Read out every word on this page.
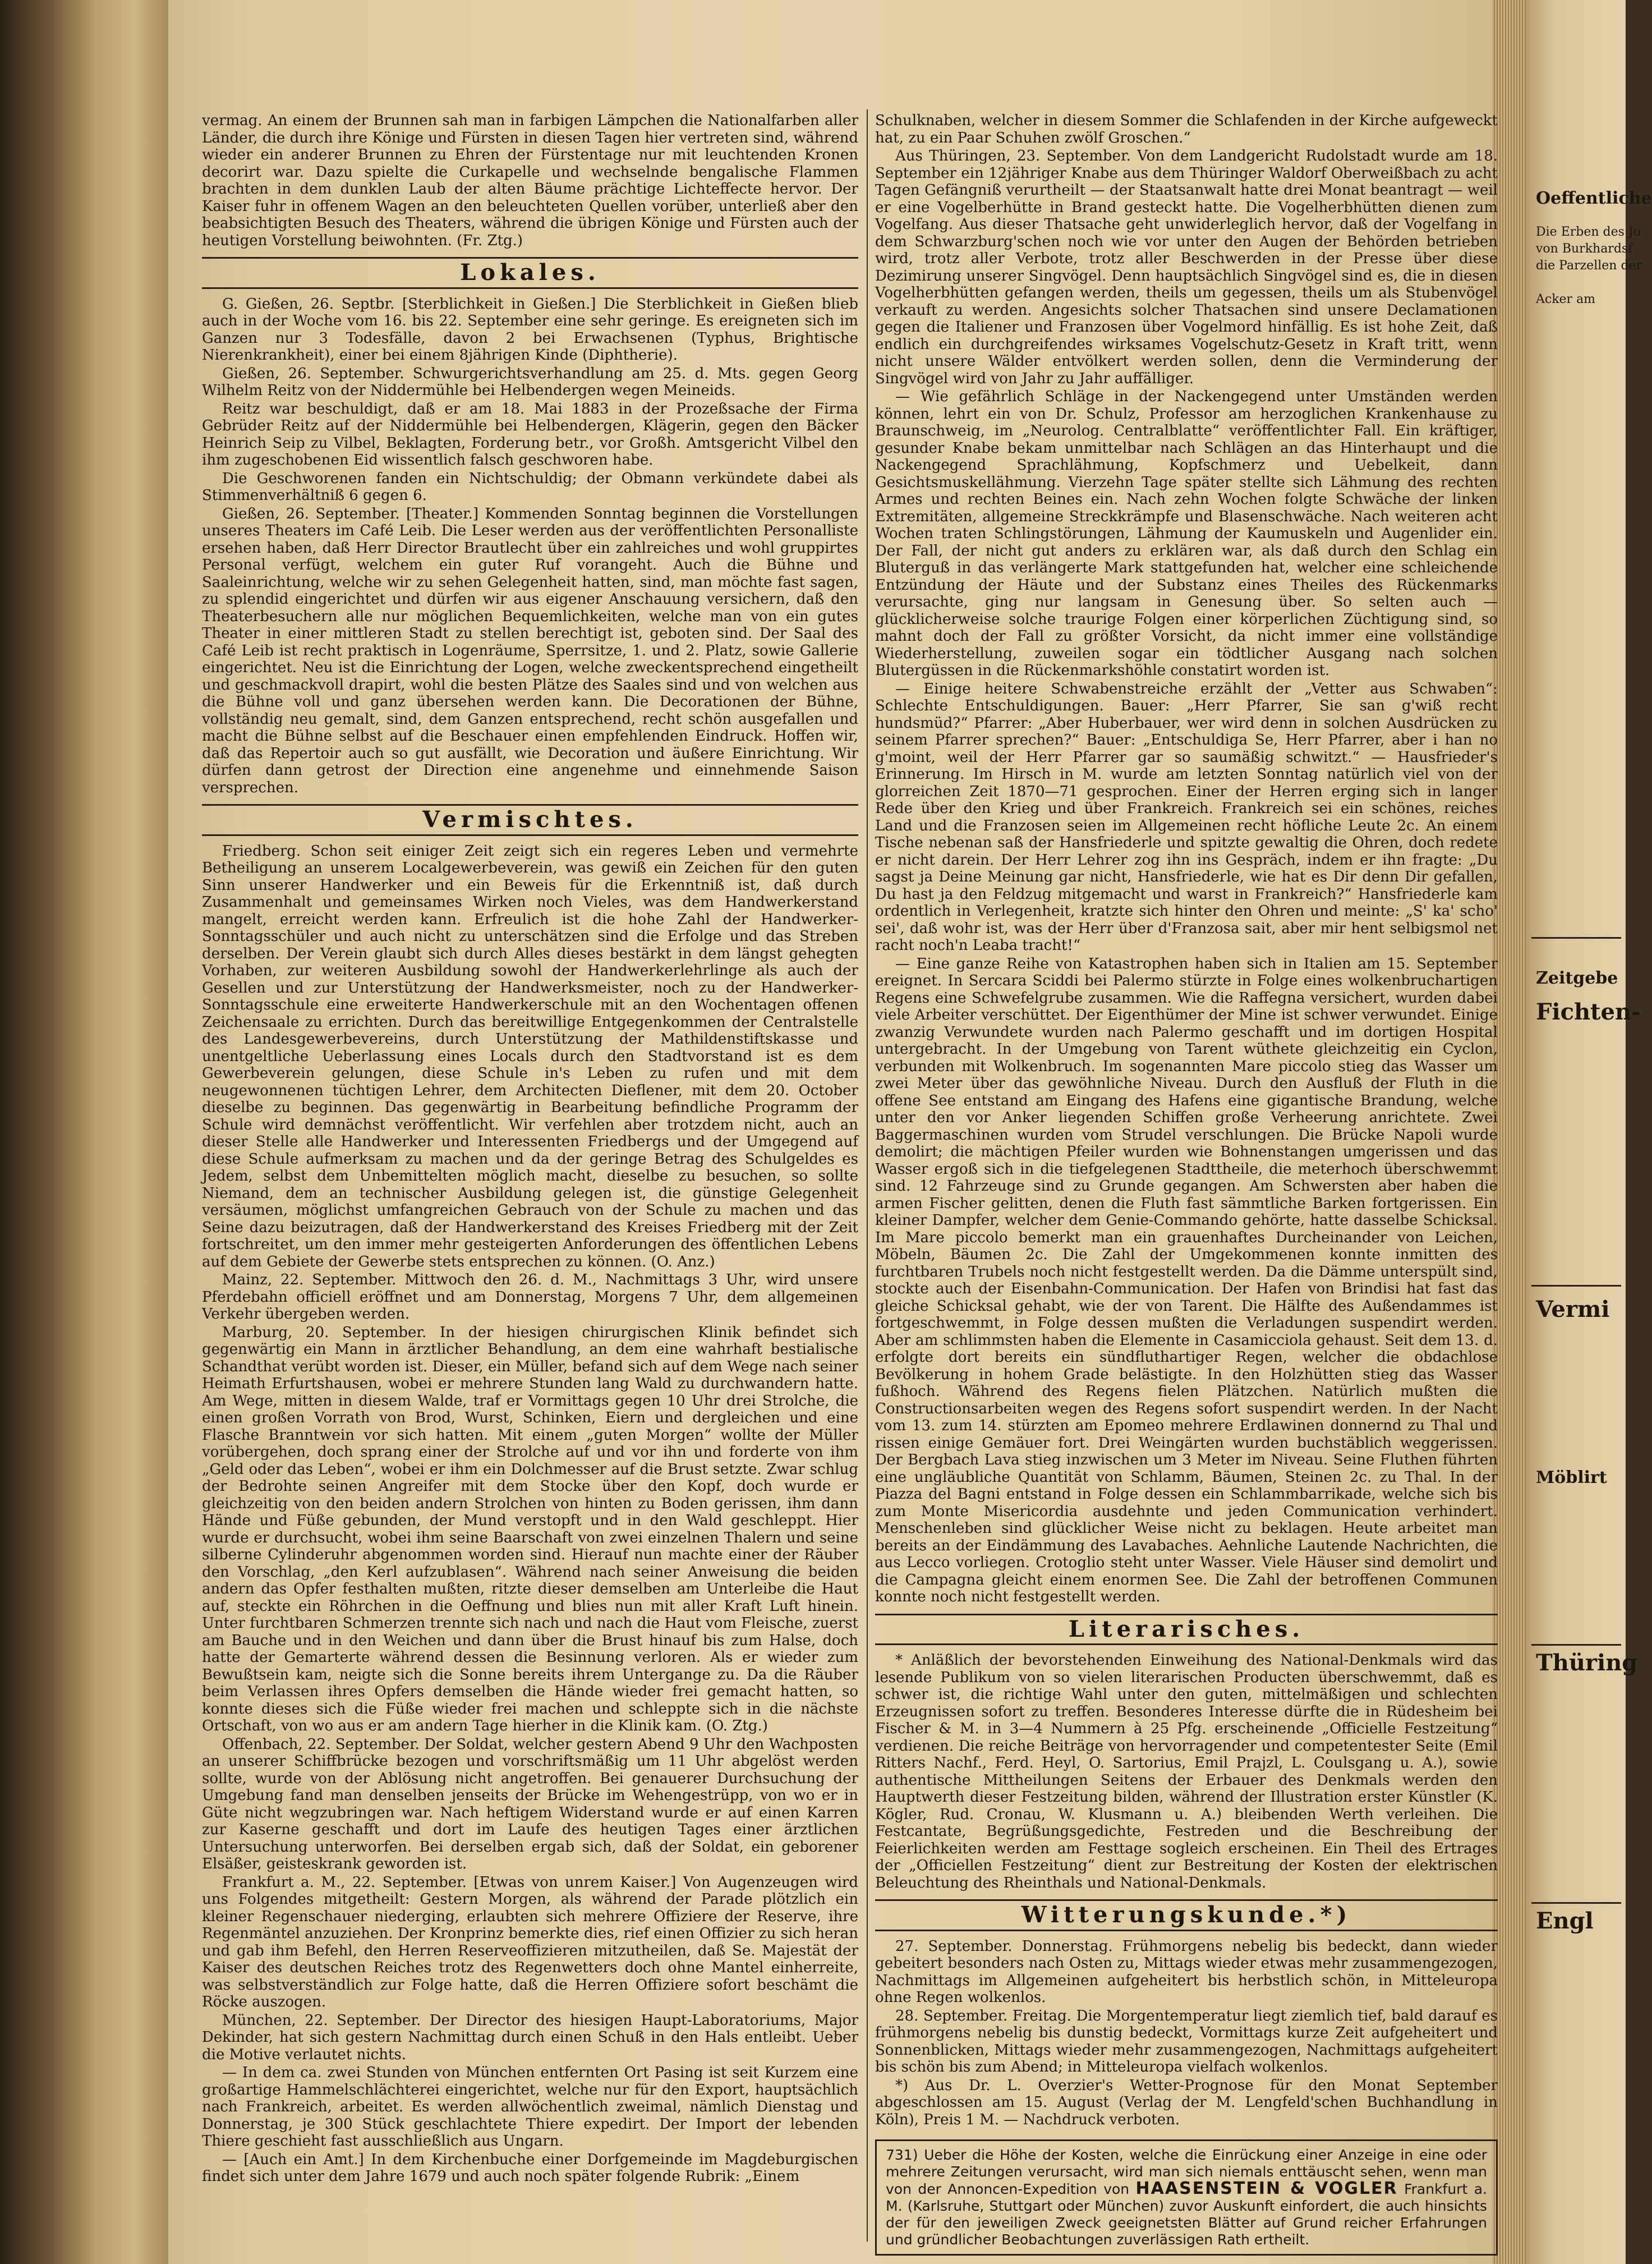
vermag. An einem der Brunnen sah man in farbigen Lämpchen die Nationalfarben aller Länder, die durch ihre Könige und Fürsten in diesen Tagen hier vertreten sind, während wieder ein anderer Brunnen zu Ehren der Fürstentage nur mit leuchtenden Kronen decorirt war. Dazu spielte die Curkapelle und wechselnde bengalische Flammen brachten in dem dunklen Laub der alten Bäume prächtige Lichteffecte hervor. Der Kaiser fuhr in offenem Wagen an den beleuchteten Quellen vorüber, unterließ aber den beabsichtigten Besuch des Theaters, während die übrigen Könige und Fürsten auch der heutigen Vorstellung beiwohnten. (Fr. Ztg.)

Lokales.

G. Gießen, 26. Septbr. [Sterblichkeit in Gießen.] Die Sterblichkeit in Gießen blieb auch in der Woche vom 16. bis 22. September eine sehr geringe. Es ereigneten sich im Ganzen nur 3 Todesfälle, davon 2 bei Erwachsenen (Typhus, Brightische Nierenkrankheit), einer bei einem 8jährigen Kinde (Diphtherie).

Gießen, 26. September. Schwurgerichtsverhandlung am 25. d. Mts. gegen Georg Wilhelm Reitz von der Niddermühle bei Helbendergen wegen Meineids.

Reitz war beschuldigt, daß er am 18. Mai 1883 in der Prozeßsache der Firma Gebrüder Reitz auf der Niddermühle bei Helbendergen, Klägerin, gegen den Bäcker Heinrich Seip zu Vilbel, Beklagten, Forderung betr., vor Großh. Amtsgericht Vilbel den ihm zugeschobenen Eid wissentlich falsch geschworen habe.

Die Geschworenen fanden ein Nichtschuldig; der Obmann verkündete dabei als Stimmenverhältniß 6 gegen 6.

Gießen, 26. September. [Theater.] Kommenden Sonntag beginnen die Vorstellungen unseres Theaters im Café Leib. Die Leser werden aus der veröffentlichten Personalliste ersehen haben, daß Herr Director Brautlecht über ein zahlreiches und wohl gruppirtes Personal verfügt, welchem ein guter Ruf vorangeht. Auch die Bühne und Saaleinrichtung, welche wir zu sehen Gelegenheit hatten, sind, man möchte fast sagen, zu splendid eingerichtet und dürfen wir aus eigener Anschauung versichern, daß den Theaterbesuchern alle nur möglichen Bequemlichkeiten, welche man von ein gutes Theater in einer mittleren Stadt zu stellen berechtigt ist, geboten sind. Der Saal des Café Leib ist recht praktisch in Logenräume, Sperrsitze, 1. und 2. Platz, sowie Gallerie eingerichtet. Neu ist die Einrichtung der Logen, welche zweckentsprechend eingetheilt und geschmackvoll drapirt, wohl die besten Plätze des Saales sind und von welchen aus die Bühne voll und ganz übersehen werden kann. Die Decorationen der Bühne, vollständig neu gemalt, sind, dem Ganzen entsprechend, recht schön ausgefallen und macht die Bühne selbst auf die Beschauer einen empfehlenden Eindruck. Hoffen wir, daß das Repertoir auch so gut ausfällt, wie Decoration und äußere Einrichtung. Wir dürfen dann getrost der Direction eine angenehme und einnehmende Saison versprechen.

Vermischtes.

Friedberg. Schon seit einiger Zeit zeigt sich ein regeres Leben und vermehrte Betheiligung an unserem Localgewerbeverein, was gewiß ein Zeichen für den guten Sinn unserer Handwerker und ein Beweis für die Erkenntniß ist, daß durch Zusammenhalt und gemeinsames Wirken noch Vieles, was dem Handwerkerstand mangelt, erreicht werden kann. Erfreulich ist die hohe Zahl der Handwerker-Sonntagsschüler und auch nicht zu unterschätzen sind die Erfolge und das Streben derselben. Der Verein glaubt sich durch Alles dieses bestärkt in dem längst gehegten Vorhaben, zur weiteren Ausbildung sowohl der Handwerkerlehrlinge als auch der Gesellen und zur Unterstützung der Handwerksmeister, noch zu der Handwerker-Sonntagsschule eine erweiterte Handwerkerschule mit an den Wochentagen offenen Zeichensaale zu errichten. Durch das bereitwillige Entgegenkommen der Centralstelle des Landesgewerbevereins, durch Unterstützung der Mathildenstiftskasse und unentgeltliche Ueberlassung eines Locals durch den Stadtvorstand ist es dem Gewerbeverein gelungen, diese Schule in's Leben zu rufen und mit dem neugewonnenen tüchtigen Lehrer, dem Architecten Dieflener, mit dem 20. October dieselbe zu beginnen. Das gegenwärtig in Bearbeitung befindliche Programm der Schule wird demnächst veröffentlicht. Wir verfehlen aber trotzdem nicht, auch an dieser Stelle alle Handwerker und Interessenten Friedbergs und der Umgegend auf diese Schule aufmerksam zu machen und da der geringe Betrag des Schulgeldes es Jedem, selbst dem Unbemittelten möglich macht, dieselbe zu besuchen, so sollte Niemand, dem an technischer Ausbildung gelegen ist, die günstige Gelegenheit versäumen, möglichst umfangreichen Gebrauch von der Schule zu machen und das Seine dazu beizutragen, daß der Handwerkerstand des Kreises Friedberg mit der Zeit fortschreitet, um den immer mehr gesteigerten Anforderungen des öffentlichen Lebens auf dem Gebiete der Gewerbe stets entsprechen zu können. (O. Anz.)

Mainz, 22. September. Mittwoch den 26. d. M., Nachmittags 3 Uhr, wird unsere Pferdebahn officiell eröffnet und am Donnerstag, Morgens 7 Uhr, dem allgemeinen Verkehr übergeben werden.

Marburg, 20. September. In der hiesigen chirurgischen Klinik befindet sich gegenwärtig ein Mann in ärztlicher Behandlung, an dem eine wahrhaft bestialische Schandthat verübt worden ist. Dieser, ein Müller, befand sich auf dem Wege nach seiner Heimath Erfurtshausen, wobei er mehrere Stunden lang Wald zu durchwandern hatte. Am Wege, mitten in diesem Walde, traf er Vormittags gegen 10 Uhr drei Strolche, die einen großen Vorrath von Brod, Wurst, Schinken, Eiern und dergleichen und eine Flasche Branntwein vor sich hatten. Mit einem „guten Morgen“ wollte der Müller vorübergehen, doch sprang einer der Strolche auf und vor ihn und forderte von ihm „Geld oder das Leben“, wobei er ihm ein Dolchmesser auf die Brust setzte. Zwar schlug der Bedrohte seinen Angreifer mit dem Stocke über den Kopf, doch wurde er gleichzeitig von den beiden andern Strolchen von hinten zu Boden gerissen, ihm dann Hände und Füße gebunden, der Mund verstopft und in den Wald geschleppt. Hier wurde er durchsucht, wobei ihm seine Baarschaft von zwei einzelnen Thalern und seine silberne Cylinderuhr abgenommen worden sind. Hierauf nun machte einer der Räuber den Vorschlag, „den Kerl aufzublasen“. Während nach seiner Anweisung die beiden andern das Opfer festhalten mußten, ritzte dieser demselben am Unterleibe die Haut auf, steckte ein Röhrchen in die Oeffnung und blies nun mit aller Kraft Luft hinein. Unter furchtbaren Schmerzen trennte sich nach und nach die Haut vom Fleische, zuerst am Bauche und in den Weichen und dann über die Brust hinauf bis zum Halse, doch hatte der Gemarterte während dessen die Besinnung verloren. Als er wieder zum Bewußtsein kam, neigte sich die Sonne bereits ihrem Untergange zu. Da die Räuber beim Verlassen ihres Opfers demselben die Hände wieder frei gemacht hatten, so konnte dieses sich die Füße wieder frei machen und schleppte sich in die nächste Ortschaft, von wo aus er am andern Tage hierher in die Klinik kam. (O. Ztg.)

Offenbach, 22. September. Der Soldat, welcher gestern Abend 9 Uhr den Wachposten an unserer Schiffbrücke bezogen und vorschriftsmäßig um 11 Uhr abgelöst werden sollte, wurde von der Ablösung nicht angetroffen. Bei genauerer Durchsuchung der Umgebung fand man denselben jenseits der Brücke im Wehengestrüpp, von wo er in Güte nicht wegzubringen war. Nach heftigem Widerstand wurde er auf einen Karren zur Kaserne geschafft und dort im Laufe des heutigen Tages einer ärztlichen Untersuchung unterworfen. Bei derselben ergab sich, daß der Soldat, ein geborener Elsäßer, geisteskrank geworden ist.

Frankfurt a. M., 22. September. [Etwas von unrem Kaiser.] Von Augenzeugen wird uns Folgendes mitgetheilt: Gestern Morgen, als während der Parade plötzlich ein kleiner Regenschauer niederging, erlaubten sich mehrere Offiziere der Reserve, ihre Regenmäntel anzuziehen. Der Kronprinz bemerkte dies, rief einen Offizier zu sich heran und gab ihm Befehl, den Herren Reserveoffizieren mitzutheilen, daß Se. Majestät der Kaiser des deutschen Reiches trotz des Regenwetters doch ohne Mantel einherreite, was selbstverständlich zur Folge hatte, daß die Herren Offiziere sofort beschämt die Röcke auszogen.

München, 22. September. Der Director des hiesigen Haupt-Laboratoriums, Major Dekinder, hat sich gestern Nachmittag durch einen Schuß in den Hals entleibt. Ueber die Motive verlautet nichts.

— In dem ca. zwei Stunden von München entfernten Ort Pasing ist seit Kurzem eine großartige Hammelschlächterei eingerichtet, welche nur für den Export, hauptsächlich nach Frankreich, arbeitet. Es werden allwöchentlich zweimal, nämlich Dienstag und Donnerstag, je 300 Stück geschlachtete Thiere expedirt. Der Import der lebenden Thiere geschieht fast ausschließlich aus Ungarn.

— [Auch ein Amt.] In dem Kirchenbuche einer Dorfgemeinde im Magdeburgischen findet sich unter dem Jahre 1679 und auch noch später folgende Rubrik: „Einem

Schulknaben, welcher in diesem Sommer die Schlafenden in der Kirche aufgeweckt hat, zu ein Paar Schuhen zwölf Groschen.“

Aus Thüringen, 23. September. Von dem Landgericht Rudolstadt wurde am 18. September ein 12jähriger Knabe aus dem Thüringer Waldorf Oberweißbach zu acht Tagen Gefängniß verurtheilt — der Staatsanwalt hatte drei Monat beantragt — weil er eine Vogelberhütte in Brand gesteckt hatte. Die Vogelherbhütten dienen zum Vogelfang. Aus dieser Thatsache geht unwiderleglich hervor, daß der Vogelfang in dem Schwarzburg'schen noch wie vor unter den Augen der Behörden betrieben wird, trotz aller Verbote, trotz aller Beschwerden in der Presse über diese Dezimirung unserer Singvögel. Denn hauptsächlich Singvögel sind es, die in diesen Vogelherbhütten gefangen werden, theils um gegessen, theils um als Stubenvögel verkauft zu werden. Angesichts solcher Thatsachen sind unsere Declamationen gegen die Italiener und Franzosen über Vogelmord hinfällig. Es ist hohe Zeit, daß endlich ein durchgreifendes wirksames Vogelschutz-Gesetz in Kraft tritt, wenn nicht unsere Wälder entvölkert werden sollen, denn die Verminderung der Singvögel wird von Jahr zu Jahr auffälliger.

— Wie gefährlich Schläge in der Nackengegend unter Umständen werden können, lehrt ein von Dr. Schulz, Professor am herzoglichen Krankenhause zu Braunschweig, im „Neurolog. Centralblatte“ veröffentlichter Fall. Ein kräftiger, gesunder Knabe bekam unmittelbar nach Schlägen an das Hinterhaupt und die Nackengegend Sprachlähmung, Kopfschmerz und Uebelkeit, dann Gesichtsmuskellähmung. Vierzehn Tage später stellte sich Lähmung des rechten Armes und rechten Beines ein. Nach zehn Wochen folgte Schwäche der linken Extremitäten, allgemeine Streckkrämpfe und Blasenschwäche. Nach weiteren acht Wochen traten Schlingstörungen, Lähmung der Kaumuskeln und Augenlider ein. Der Fall, der nicht gut anders zu erklären war, als daß durch den Schlag ein Bluterguß in das verlängerte Mark stattgefunden hat, welcher eine schleichende Entzündung der Häute und der Substanz eines Theiles des Rückenmarks verursachte, ging nur langsam in Genesung über. So selten auch — glücklicherweise solche traurige Folgen einer körperlichen Züchtigung sind, so mahnt doch der Fall zu größter Vorsicht, da nicht immer eine vollständige Wiederherstellung, zuweilen sogar ein tödtlicher Ausgang nach solchen Blutergüssen in die Rückenmarkshöhle constatirt worden ist.

— Einige heitere Schwabenstreiche erzählt der „Vetter aus Schwaben“: Schlechte Entschuldigungen. Bauer: „Herr Pfarrer, Sie san g'wiß recht hundsmüd?“ Pfarrer: „Aber Huberbauer, wer wird denn in solchen Ausdrücken zu seinem Pfarrer sprechen?“ Bauer: „Entschuldiga Se, Herr Pfarrer, aber i han no g'moint, weil der Herr Pfarrer gar so saumäßig schwitzt.“ — Hausfrieder's Erinnerung. Im Hirsch in M. wurde am letzten Sonntag natürlich viel von der glorreichen Zeit 1870—71 gesprochen. Einer der Herren erging sich in langer Rede über den Krieg und über Frankreich. Frankreich sei ein schönes, reiches Land und die Franzosen seien im Allgemeinen recht höfliche Leute 2c. An einem Tische nebenan saß der Hansfriederle und spitzte gewaltig die Ohren, doch redete er nicht darein. Der Herr Lehrer zog ihn ins Gespräch, indem er ihn fragte: „Du sagst ja Deine Meinung gar nicht, Hansfriederle, wie hat es Dir denn Dir gefallen, Du hast ja den Feldzug mitgemacht und warst in Frankreich?“ Hansfriederle kam ordentlich in Verlegenheit, kratzte sich hinter den Ohren und meinte: „S' ka' scho' sei', daß wohr ist, was der Herr über d'Franzosa sait, aber mir hent selbigsmol net racht noch'n Leaba tracht!“

— Eine ganze Reihe von Katastrophen haben sich in Italien am 15. September ereignet. In Sercara Sciddi bei Palermo stürzte in Folge eines wolkenbruchartigen Regens eine Schwefelgrube zusammen. Wie die Raffegna versichert, wurden dabei viele Arbeiter verschüttet. Der Eigenthümer der Mine ist schwer verwundet. Einige zwanzig Verwundete wurden nach Palermo geschafft und im dortigen Hospital untergebracht. In der Umgebung von Tarent wüthete gleichzeitig ein Cyclon, verbunden mit Wolkenbruch. Im sogenannten Mare piccolo stieg das Wasser um zwei Meter über das gewöhnliche Niveau. Durch den Ausfluß der Fluth in die offene See entstand am Eingang des Hafens eine gigantische Brandung, welche unter den vor Anker liegenden Schiffen große Verheerung anrichtete. Zwei Baggermaschinen wurden vom Strudel verschlungen. Die Brücke Napoli wurde demolirt; die mächtigen Pfeiler wurden wie Bohnenstangen umgerissen und das Wasser ergoß sich in die tiefgelegenen Stadttheile, die meterhoch überschwemmt sind. 12 Fahrzeuge sind zu Grunde gegangen. Am Schwersten aber haben die armen Fischer gelitten, denen die Fluth fast sämmtliche Barken fortgerissen. Ein kleiner Dampfer, welcher dem Genie-Commando gehörte, hatte dasselbe Schicksal. Im Mare piccolo bemerkt man ein grauenhaftes Durcheinander von Leichen, Möbeln, Bäumen 2c. Die Zahl der Umgekommenen konnte inmitten des furchtbaren Trubels noch nicht festgestellt werden. Da die Dämme unterspült sind, stockte auch der Eisenbahn-Communication. Der Hafen von Brindisi hat fast das gleiche Schicksal gehabt, wie der von Tarent. Die Hälfte des Außendammes ist fortgeschwemmt, in Folge dessen mußten die Verladungen suspendirt werden. Aber am schlimmsten haben die Elemente in Casamicciola gehaust. Seit dem 13. d. erfolgte dort bereits ein sündfluthartiger Regen, welcher die obdachlose Bevölkerung in hohem Grade belästigte. In den Holzhütten stieg das Wasser fußhoch. Während des Regens fielen Plätzchen. Natürlich mußten die Constructionsarbeiten wegen des Regens sofort suspendirt werden. In der Nacht vom 13. zum 14. stürzten am Epomeo mehrere Erdlawinen donnernd zu Thal und rissen einige Gemäuer fort. Drei Weingärten wurden buchstäblich weggerissen. Der Bergbach Lava stieg inzwischen um 3 Meter im Niveau. Seine Fluthen führten eine ungläubliche Quantität von Schlamm, Bäumen, Steinen 2c. zu Thal. In der Piazza del Bagni entstand in Folge dessen ein Schlammbarrikade, welche sich bis zum Monte Misericordia ausdehnte und jeden Communication verhindert. Menschenleben sind glücklicher Weise nicht zu beklagen. Heute arbeitet man bereits an der Eindämmung des Lavabaches. Aehnliche Lautende Nachrichten, die aus Lecco vorliegen. Crotoglio steht unter Wasser. Viele Häuser sind demolirt und die Campagna gleicht einem enormen See. Die Zahl der betroffenen Communen konnte noch nicht festgestellt werden.

Literarisches.

* Anläßlich der bevorstehenden Einweihung des National-Denkmals wird das lesende Publikum von so vielen literarischen Producten überschwemmt, daß es schwer ist, die richtige Wahl unter den guten, mittelmäßigen und schlechten Erzeugnissen sofort zu treffen. Besonderes Interesse dürfte die in Rüdesheim bei Fischer & M. in 3—4 Nummern à 25 Pfg. erscheinende „Officielle Festzeitung“ verdienen. Die reiche Beiträge von hervorragender und competentester Seite (Emil Ritters Nachf., Ferd. Heyl, O. Sartorius, Emil Prajzl, L. Coulsgang u. A.), sowie authentische Mittheilungen Seitens der Erbauer des Denkmals werden den Hauptwerth dieser Festzeitung bilden, während der Illustration erster Künstler (K. Kögler, Rud. Cronau, W. Klusmann u. A.) bleibenden Werth verleihen. Die Festcantate, Begrüßungsgedichte, Festreden und die Beschreibung der Feierlichkeiten werden am Festtage sogleich erscheinen. Ein Theil des Ertrages der „Officiellen Festzeitung“ dient zur Bestreitung der Kosten der elektrischen Beleuchtung des Rheinthals und National-Denkmals.

Witterungskunde.*)

27. September. Donnerstag. Frühmorgens nebelig bis bedeckt, dann wieder gebeitert besonders nach Osten zu, Mittags wieder etwas mehr zusammengezogen, Nachmittags im Allgemeinen aufgeheitert bis herbstlich schön, in Mitteleuropa ohne Regen wolkenlos.

28. September. Freitag. Die Morgentemperatur liegt ziemlich tief, bald darauf es frühmorgens nebelig bis dunstig bedeckt, Vormittags kurze Zeit aufgeheitert und Sonnenblicken, Mittags wieder mehr zusammengezogen, Nachmittags aufgeheitert bis schön bis zum Abend; in Mitteleuropa vielfach wolkenlos.

*) Aus Dr. L. Overzier's Wetter-Prognose für den Monat September abgeschlossen am 15. August (Verlag der M. Lengfeld'schen Buchhandlung in Köln), Preis 1 M. — Nachdruck verboten.

731) Ueber die Höhe der Kosten, welche die Einrückung einer Anzeige in eine oder mehrere Zeitungen verursacht, wird man sich niemals enttäuscht sehen, wenn man von der Annoncen-Expedition von HAASENSTEIN & VOGLER Frankfurt a. M. (Karlsruhe, Stuttgart oder München) zuvor Auskunft einfordert, die auch hinsichts der für den jeweiligen Zweck geeignetsten Blätter auf Grund reicher Erfahrungen und gründlicher Beobachtungen zuverlässigen Rath ertheilt.
Oeffentliche
Die Erben des Jo
von Burkhardsf
die Parzellen der
Acker am
Zeitgebe
Fichten-
Vermi
Möblirt
Thüring
Engl
